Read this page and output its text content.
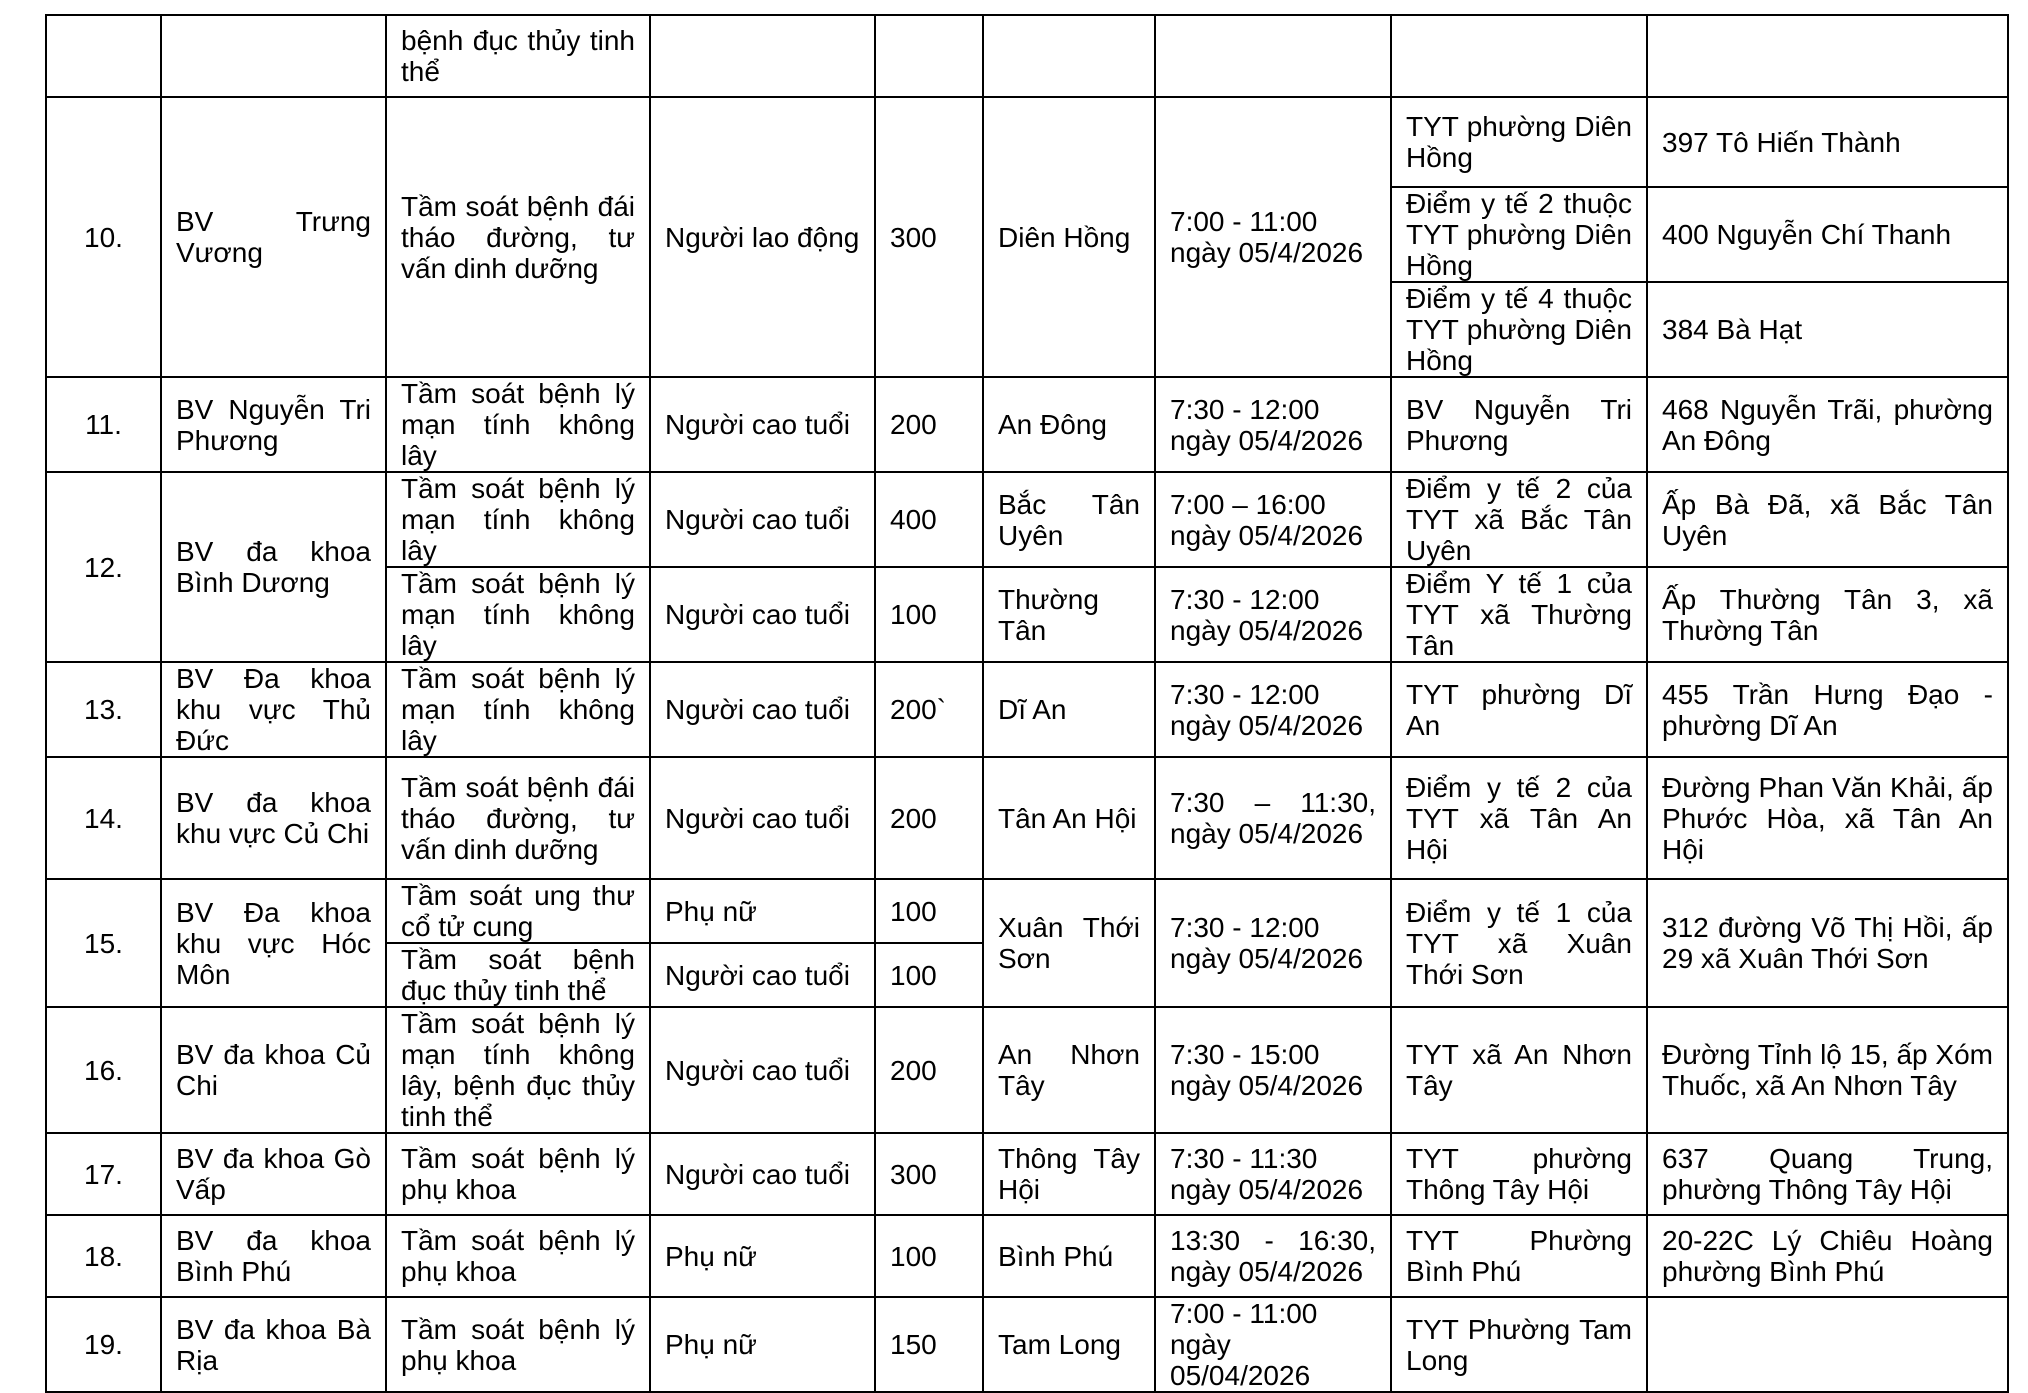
		bệnh đục thủy tinh thể						
10.	BV Trưng Vương	Tầm soát bệnh đái tháo đường, tư vấn dinh dưỡng	Người lao động	300	Diên Hồng	7:00 - 11:00 ngày 05/4/2026	TYT phường Diên Hồng	397 Tô Hiến Thành
							Điểm y tế 2 thuộc TYT phường Diên Hồng	400 Nguyễn Chí Thanh
							Điểm y tế 4 thuộc TYT phường Diên Hồng	384 Bà Hạt
11.	BV Nguyễn Tri Phương	Tầm soát bệnh lý mạn tính không lây	Người cao tuổi	200	An Đông	7:30 - 12:00 ngày 05/4/2026	BV Nguyễn Tri Phương	468 Nguyễn Trãi, phường An Đông
12.	BV đa khoa Bình Dương	Tầm soát bệnh lý mạn tính không lây	Người cao tuổi	400	Bắc Tân Uyên	7:00 – 16:00 ngày 05/4/2026	Điểm y tế 2 của TYT xã Bắc Tân Uyên	Ấp Bà Đã, xã Bắc Tân Uyên
		Tầm soát bệnh lý mạn tính không lây	Người cao tuổi	100	Thường Tân	7:30 - 12:00 ngày 05/4/2026	Điểm Y tế 1 của TYT xã Thường Tân	Ấp Thường Tân 3, xã Thường Tân
13.	BV Đa khoa khu vực Thủ Đức	Tầm soát bệnh lý mạn tính không lây	Người cao tuổi	200`	Dĩ An	7:30 - 12:00 ngày 05/4/2026	TYT phường Dĩ An	455 Trần Hưng Đạo - phường Dĩ An
14.	BV đa khoa khu vực Củ Chi	Tầm soát bệnh đái tháo đường, tư vấn dinh dưỡng	Người cao tuổi	200	Tân An Hội	7:30 – 11:30, ngày 05/4/2026	Điểm y tế 2 của TYT xã Tân An Hội	Đường Phan Văn Khải, ấp Phước Hòa, xã Tân An Hội
15.	BV Đa khoa khu vực Hóc Môn	Tầm soát ung thư cổ tử cung	Phụ nữ	100	Xuân Thới Sơn	7:30 - 12:00 ngày 05/4/2026	Điểm y tế 1 của TYT xã Xuân Thới Sơn	312 đường Võ Thị Hồi, ấp 29 xã Xuân Thới Sơn
		Tầm soát bệnh đục thủy tinh thể	Người cao tuổi	100				
16.	BV đa khoa Củ Chi	Tầm soát bệnh lý mạn tính không lây, bệnh đục thủy tinh thể	Người cao tuổi	200	An Nhơn Tây	7:30 - 15:00 ngày 05/4/2026	TYT xã An Nhơn Tây	Đường Tỉnh lộ 15, ấp Xóm Thuốc, xã An Nhơn Tây
17.	BV đa khoa Gò Vấp	Tầm soát bệnh lý phụ khoa	Người cao tuổi	300	Thông Tây Hội	7:30 - 11:30 ngày 05/4/2026	TYT phường Thông Tây Hội	637 Quang Trung, phường Thông Tây Hội
18.	BV đa khoa Bình Phú	Tầm soát bệnh lý phụ khoa	Phụ nữ	100	Bình Phú	13:30 - 16:30, ngày 05/4/2026	TYT Phường Bình Phú	20-22C Lý Chiêu Hoàng phường Bình Phú
19.	BV đa khoa Bà Rịa	Tầm soát bệnh lý phụ khoa	Phụ nữ	150	Tam Long	7:00 - 11:00 ngày 05/04/2026	TYT Phường Tam Long	
